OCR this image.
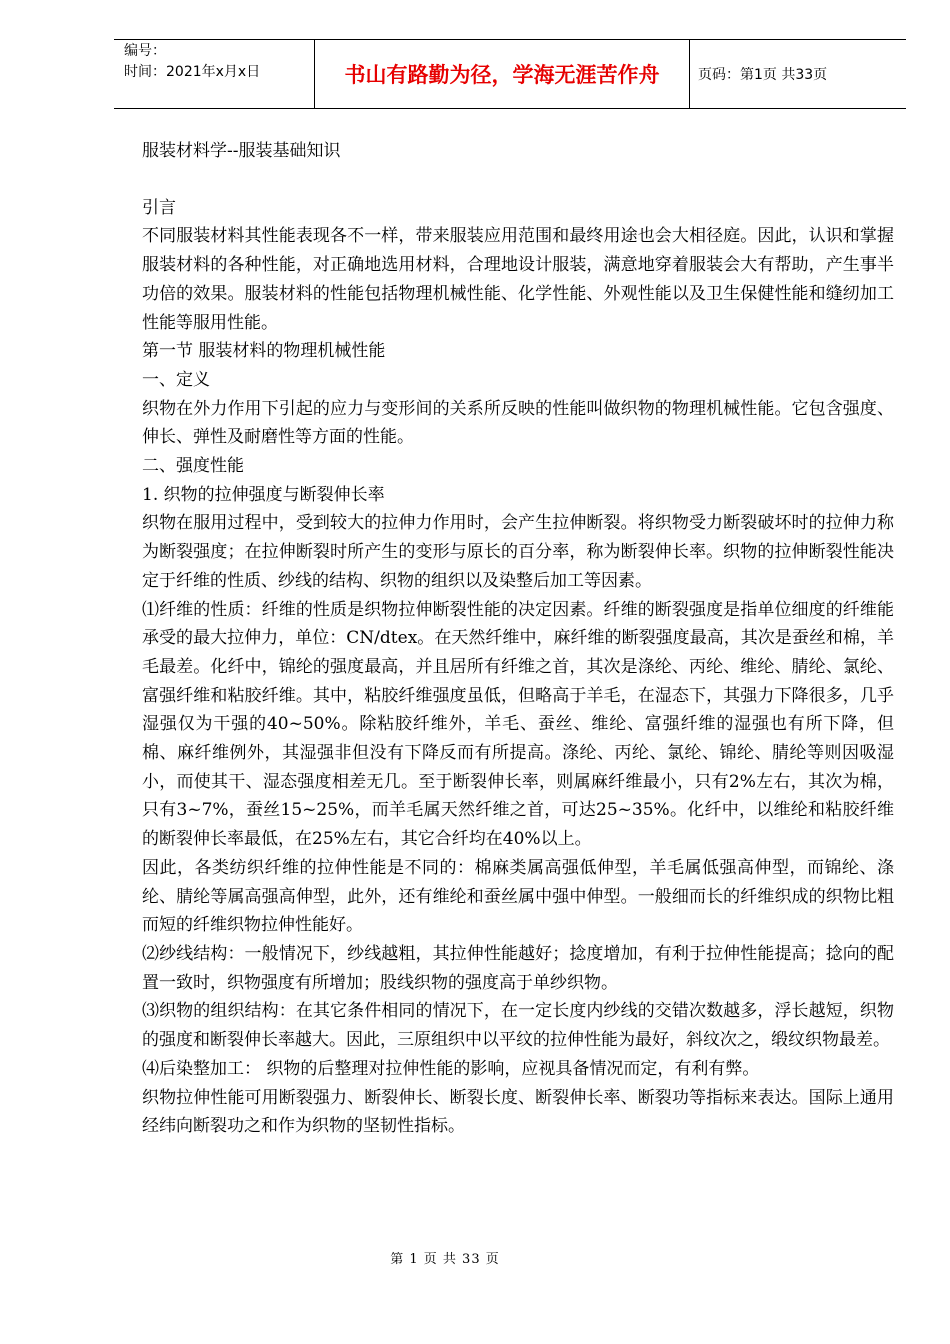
编号：
时间：2021年x月x日	书山有路勤为径，学海无涯苦作舟	页码：第1页 共33页

服装材料学--服装基础知识

引言

不同服装材料其性能表现各不一样，带来服装应用范围和最终用途也会大相径庭。因此，认识和掌握服装材料的各种性能，对正确地选用材料，合理地设计服装，满意地穿着服装会大有帮助，产生事半功倍的效果。服装材料的性能包括物理机械性能、化学性能、外观性能以及卫生保健性能和缝纫加工性能等服用性能。

第一节 服装材料的物理机械性能

一、定义

织物在外力作用下引起的应力与变形间的关系所反映的性能叫做织物的物理机械性能。它包含强度、伸长、弹性及耐磨性等方面的性能。

二、强度性能

1. 织物的拉伸强度与断裂伸长率

织物在服用过程中，受到较大的拉伸力作用时，会产生拉伸断裂。将织物受力断裂破坏时的拉伸力称为断裂强度；在拉伸断裂时所产生的变形与原长的百分率，称为断裂伸长率。织物的拉伸断裂性能决定于纤维的性质、纱线的结构、织物的组织以及染整后加工等因素。

⑴纤维的性质：纤维的性质是织物拉伸断裂性能的决定因素。纤维的断裂强度是指单位细度的纤维能承受的最大拉伸力，单位：CN/dtex。在天然纤维中，麻纤维的断裂强度最高，其次是蚕丝和棉，羊毛最差。化纤中，锦纶的强度最高，并且居所有纤维之首，其次是涤纶、丙纶、维纶、腈纶、氯纶、富强纤维和粘胶纤维。其中，粘胶纤维强度虽低，但略高于羊毛，在湿态下，其强力下降很多，几乎湿强仅为干强的40~50%。除粘胶纤维外，羊毛、蚕丝、维纶、富强纤维的湿强也有所下降，但棉、麻纤维例外，其湿强非但没有下降反而有所提高。涤纶、丙纶、氯纶、锦纶、腈纶等则因吸湿小，而使其干、湿态强度相差无几。至于断裂伸长率，则属麻纤维最小，只有2%左右，其次为棉，只有3~7%，蚕丝15~25%，而羊毛属天然纤维之首，可达25~35%。化纤中，以维纶和粘胶纤维的断裂伸长率最低，在25%左右，其它合纤均在40%以上。

因此，各类纺织纤维的拉伸性能是不同的：棉麻类属高强低伸型，羊毛属低强高伸型，而锦纶、涤纶、腈纶等属高强高伸型，此外，还有维纶和蚕丝属中强中伸型。一般细而长的纤维织成的织物比粗而短的纤维织物拉伸性能好。

⑵纱线结构：一般情况下，纱线越粗，其拉伸性能越好；捻度增加，有利于拉伸性能提高；捻向的配置一致时，织物强度有所增加；股线织物的强度高于单纱织物。

⑶织物的组织结构：在其它条件相同的情况下，在一定长度内纱线的交错次数越多，浮长越短，织物的强度和断裂伸长率越大。因此，三原组织中以平纹的拉伸性能为最好，斜纹次之，缎纹织物最差。

⑷后染整加工： 织物的后整理对拉伸性能的影响，应视具备情况而定，有利有弊。

织物拉伸性能可用断裂强力、断裂伸长、断裂长度、断裂伸长率、断裂功等指标来表达。国际上通用经纬向断裂功之和作为织物的坚韧性指标。

第 1 页 共 33 页
